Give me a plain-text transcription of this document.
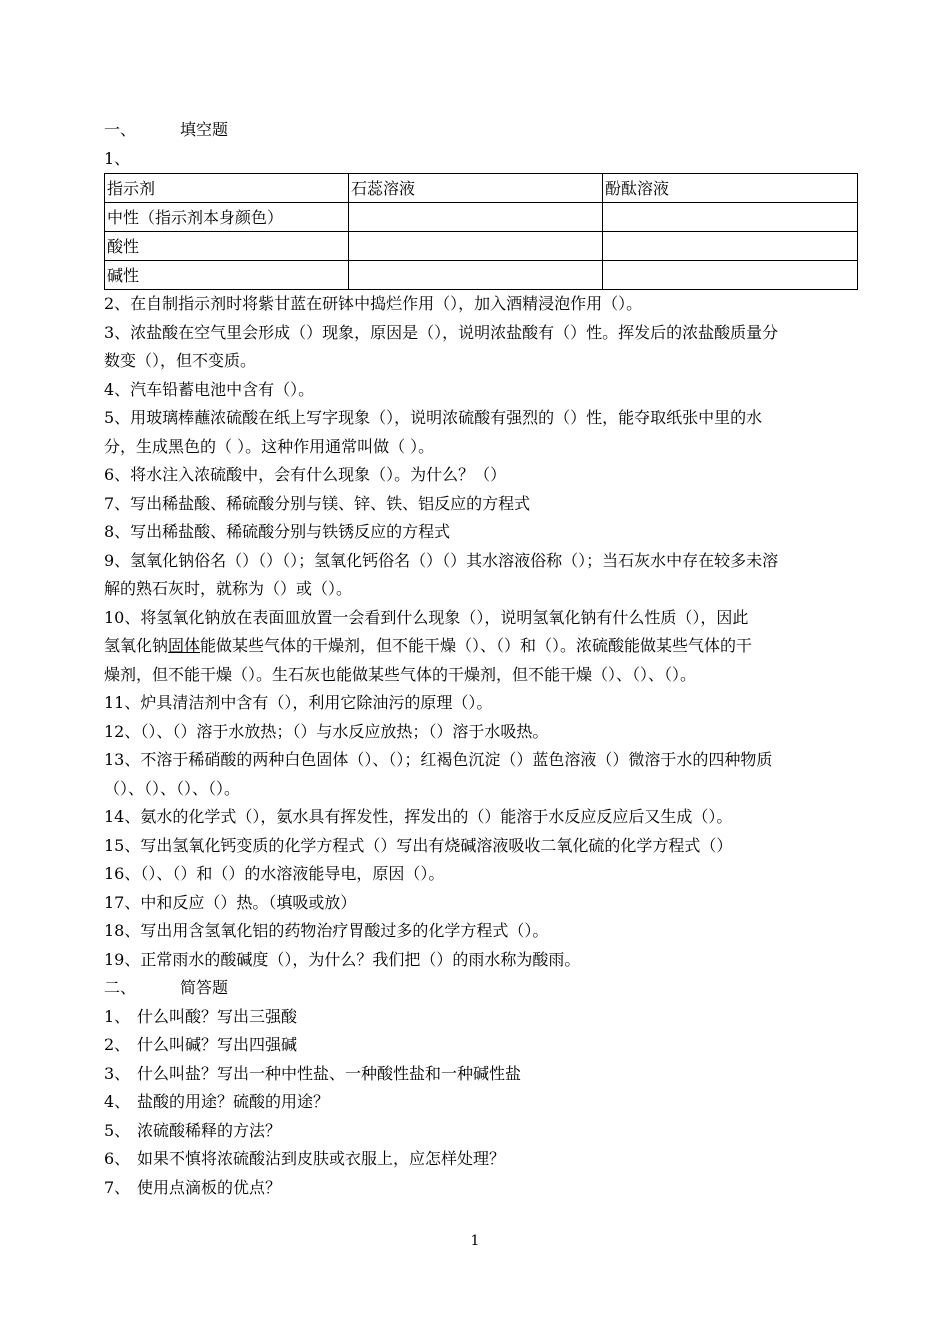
一、	填空题
1、
指示剂	石蕊溶液	酚酞溶液
中性（指示剂本身颜色）		
酸性		
碱性		
2、在自制指示剂时将紫甘蓝在研钵中捣烂作用（），加入酒精浸泡作用（）。
3、浓盐酸在空气里会形成（）现象，原因是（），说明浓盐酸有（）性。挥发后的浓盐酸质量分
数变（），但不变质。
4、汽车铅蓄电池中含有（）。
5、用玻璃棒蘸浓硫酸在纸上写字现象（），说明浓硫酸有强烈的（）性，能夺取纸张中里的水
分，生成黑色的（ ）。这种作用通常叫做（ ）。
6、将水注入浓硫酸中，会有什么现象（）。为什么？（）
7、写出稀盐酸、稀硫酸分别与镁、锌、铁、铝反应的方程式
8、写出稀盐酸、稀硫酸分别与铁锈反应的方程式
9、氢氧化钠俗名（）（）（）；氢氧化钙俗名（）（）其水溶液俗称（）；当石灰水中存在较多未溶
解的熟石灰时，就称为（）或（）。
10、将氢氧化钠放在表面皿放置一会看到什么现象（），说明氢氧化钠有什么性质（），因此
氢氧化钠固体能做某些气体的干燥剂，但不能干燥（）、（）和（）。浓硫酸能做某些气体的干
燥剂，但不能干燥（）。生石灰也能做某些气体的干燥剂，但不能干燥（）、（）、（）。
11、炉具清洁剂中含有（），利用它除油污的原理（）。
12、（）、（）溶于水放热；（）与水反应放热；（）溶于水吸热。
13、不溶于稀硝酸的两种白色固体（）、（）；红褐色沉淀（）蓝色溶液（）微溶于水的四种物质
（）、（）、（）、（）。
14、氨水的化学式（），氨水具有挥发性，挥发出的（）能溶于水反应反应后又生成（）。
15、写出氢氧化钙变质的化学方程式（）写出有烧碱溶液吸收二氧化硫的化学方程式（）
16、（）、（）和（）的水溶液能导电，原因（）。
17、中和反应（）热。（填吸或放）
18、写出用含氢氧化铝的药物治疗胃酸过多的化学方程式（）。
19、正常雨水的酸碱度（），为什么？我们把（）的雨水称为酸雨。
二、	简答题
1、 什么叫酸？写出三强酸
2、 什么叫碱？写出四强碱
3、 什么叫盐？写出一种中性盐、一种酸性盐和一种碱性盐
4、 盐酸的用途？硫酸的用途？
5、 浓硫酸稀释的方法？
6、 如果不慎将浓硫酸沾到皮肤或衣服上，应怎样处理？
7、 使用点滴板的优点？
1
